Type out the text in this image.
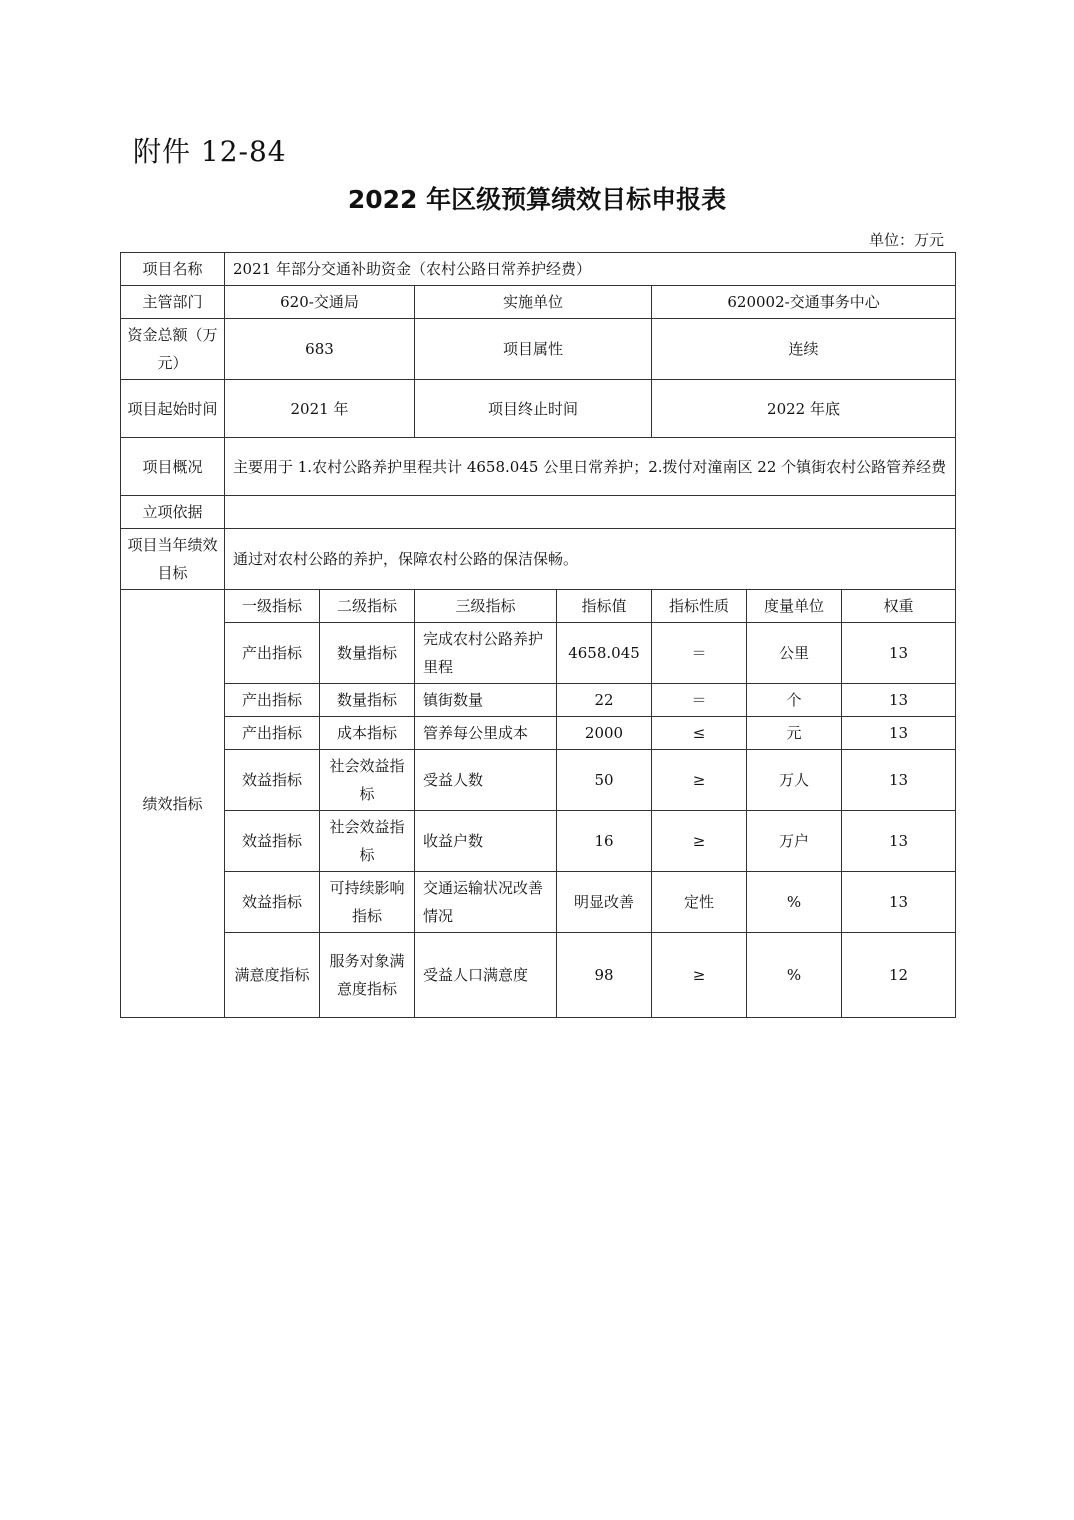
附件 12-84
2022 年区级预算绩效目标申报表
单位：万元
项目名称	2021 年部分交通补助资金（农村公路日常养护经费）						
主管部门	620-交通局		实施单位		620002-交通事务中心		
资金总额（万元）	683		项目属性		连续		
项目起始时间	2021 年		项目终止时间		2022 年底		
项目概况	主要用于 1.农村公路养护里程共计 4658.045 公里日常养护；2.拨付对潼南区 22 个镇街农村公路管养经费						
立项依据							
项目当年绩效目标	通过对农村公路的养护，保障农村公路的保洁保畅。						
绩效指标	一级指标	二级指标	三级指标	指标值	指标性质	度量单位	权重
	产出指标	数量指标	完成农村公路养护里程	4658.045	＝	公里	13
	产出指标	数量指标	镇街数量	22	＝	个	13
	产出指标	成本指标	管养每公里成本	2000	≤	元	13
	效益指标	社会效益指标	受益人数	50	≥	万人	13
	效益指标	社会效益指标	收益户数	16	≥	万户	13
	效益指标	可持续影响指标	交通运输状况改善情况	明显改善	定性	%	13
	满意度指标	服务对象满意度指标	受益人口满意度	98	≥	%	12
